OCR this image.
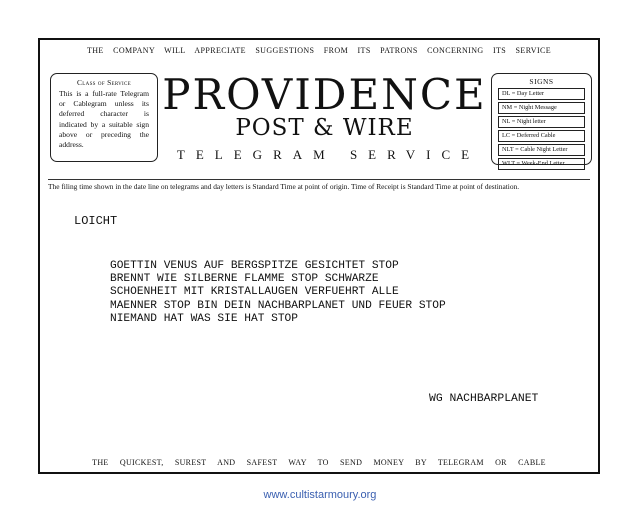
THE COMPANY WILL APPRECIATE SUGGESTIONS FROM ITS PATRONS CONCERNING ITS SERVICE
Class of Service
This is a full-rate Telegram or Cablegram unless its deferred character is indicated by a suitable sign above or preceding the address.
PROVIDENCE
POST & WIRE
TELEGRAM SERVICE
SIGNS
DL = Day Letter
NM = Night Message
NL = Night letter
LC = Deferred Cable
NLT = Cable Night Letter
WLT = Week-End Letter
The filing time shown in the date line on telegrams and day letters is Standard Time at point of origin. Time of Receipt is Standard Time at point of destination.
LOICHT
GOETTIN VENUS AUF BERGSPITZE GESICHTET STOP
BRENNT WIE SILBERNE FLAMME STOP SCHWARZE
SCHOENHEIT MIT KRISTALLAUGEN VERFUEHRT ALLE
MAENNER STOP BIN DEIN NACHBARPLANET UND FEUER STOP
NIEMAND HAT WAS SIE HAT STOP
WG NACHBARPLANET
THE QUICKEST, SUREST AND SAFEST WAY TO SEND MONEY BY TELEGRAM OR CABLE
www.cultistarmoury.org
